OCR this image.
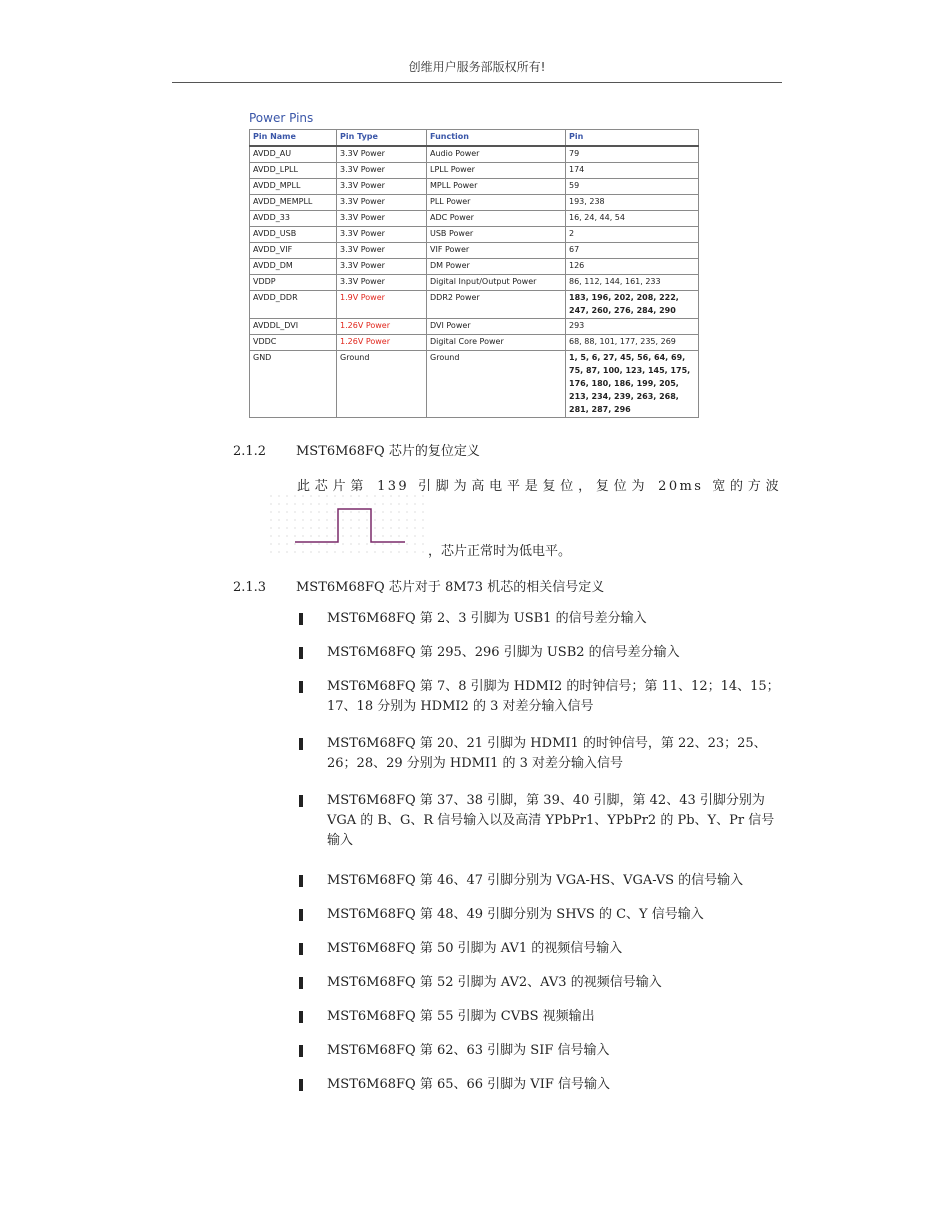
创维用户服务部版权所有!
Power Pins
Pin Name	Pin Type	Function	Pin
AVDD_AU	3.3V Power	Audio Power	79
AVDD_LPLL	3.3V Power	LPLL Power	174
AVDD_MPLL	3.3V Power	MPLL Power	59
AVDD_MEMPLL	3.3V Power	PLL Power	193, 238
AVDD_33	3.3V Power	ADC Power	16, 24, 44, 54
AVDD_USB	3.3V Power	USB Power	2
AVDD_VIF	3.3V Power	VIF Power	67
AVDD_DM	3.3V Power	DM Power	126
VDDP	3.3V Power	Digital Input/Output Power	86, 112, 144, 161, 233
AVDD_DDR	1.9V Power	DDR2 Power	183, 196, 202, 208, 222, 247, 260, 276, 284, 290
AVDDL_DVI	1.26V Power	DVI Power	293
VDDC	1.26V Power	Digital Core Power	68, 88, 101, 177, 235, 269
GND	Ground	Ground	1, 5, 6, 27, 45, 56, 64, 69, 75, 87, 100, 123, 145, 175, 176, 180, 186, 199, 205, 213, 234, 239, 263, 268, 281, 287, 296
2.1.2 MST6M68FQ 芯片的复位定义
此芯片第 139 引脚为高电平是复位，复位为 20ms 宽的方波
，芯片正常时为低电平。
2.1.3 MST6M68FQ 芯片对于 8M73 机芯的相关信号定义
MST6M68FQ 第 2、3 引脚为 USB1 的信号差分输入
MST6M68FQ 第 295、296 引脚为 USB2 的信号差分输入
MST6M68FQ 第 7、8 引脚为 HDMI2 的时钟信号；第 11、12；14、15；17、18 分别为 HDMI2 的 3 对差分输入信号
MST6M68FQ 第 20、21 引脚为 HDMI1 的时钟信号，第 22、23；25、26；28、29 分别为 HDMI1 的 3 对差分输入信号
MST6M68FQ 第 37、38 引脚，第 39、40 引脚，第 42、43 引脚分别为 VGA 的 B、G、R 信号输入以及高清 YPbPr1、YPbPr2 的 Pb、Y、Pr 信号输入
MST6M68FQ 第 46、47 引脚分别为 VGA-HS、VGA-VS 的信号输入
MST6M68FQ 第 48、49 引脚分别为 SHVS 的 C、Y 信号输入
MST6M68FQ 第 50 引脚为 AV1 的视频信号输入
MST6M68FQ 第 52 引脚为 AV2、AV3 的视频信号输入
MST6M68FQ 第 55 引脚为 CVBS 视频输出
MST6M68FQ 第 62、63 引脚为 SIF 信号输入
MST6M68FQ 第 65、66 引脚为 VIF 信号输入
